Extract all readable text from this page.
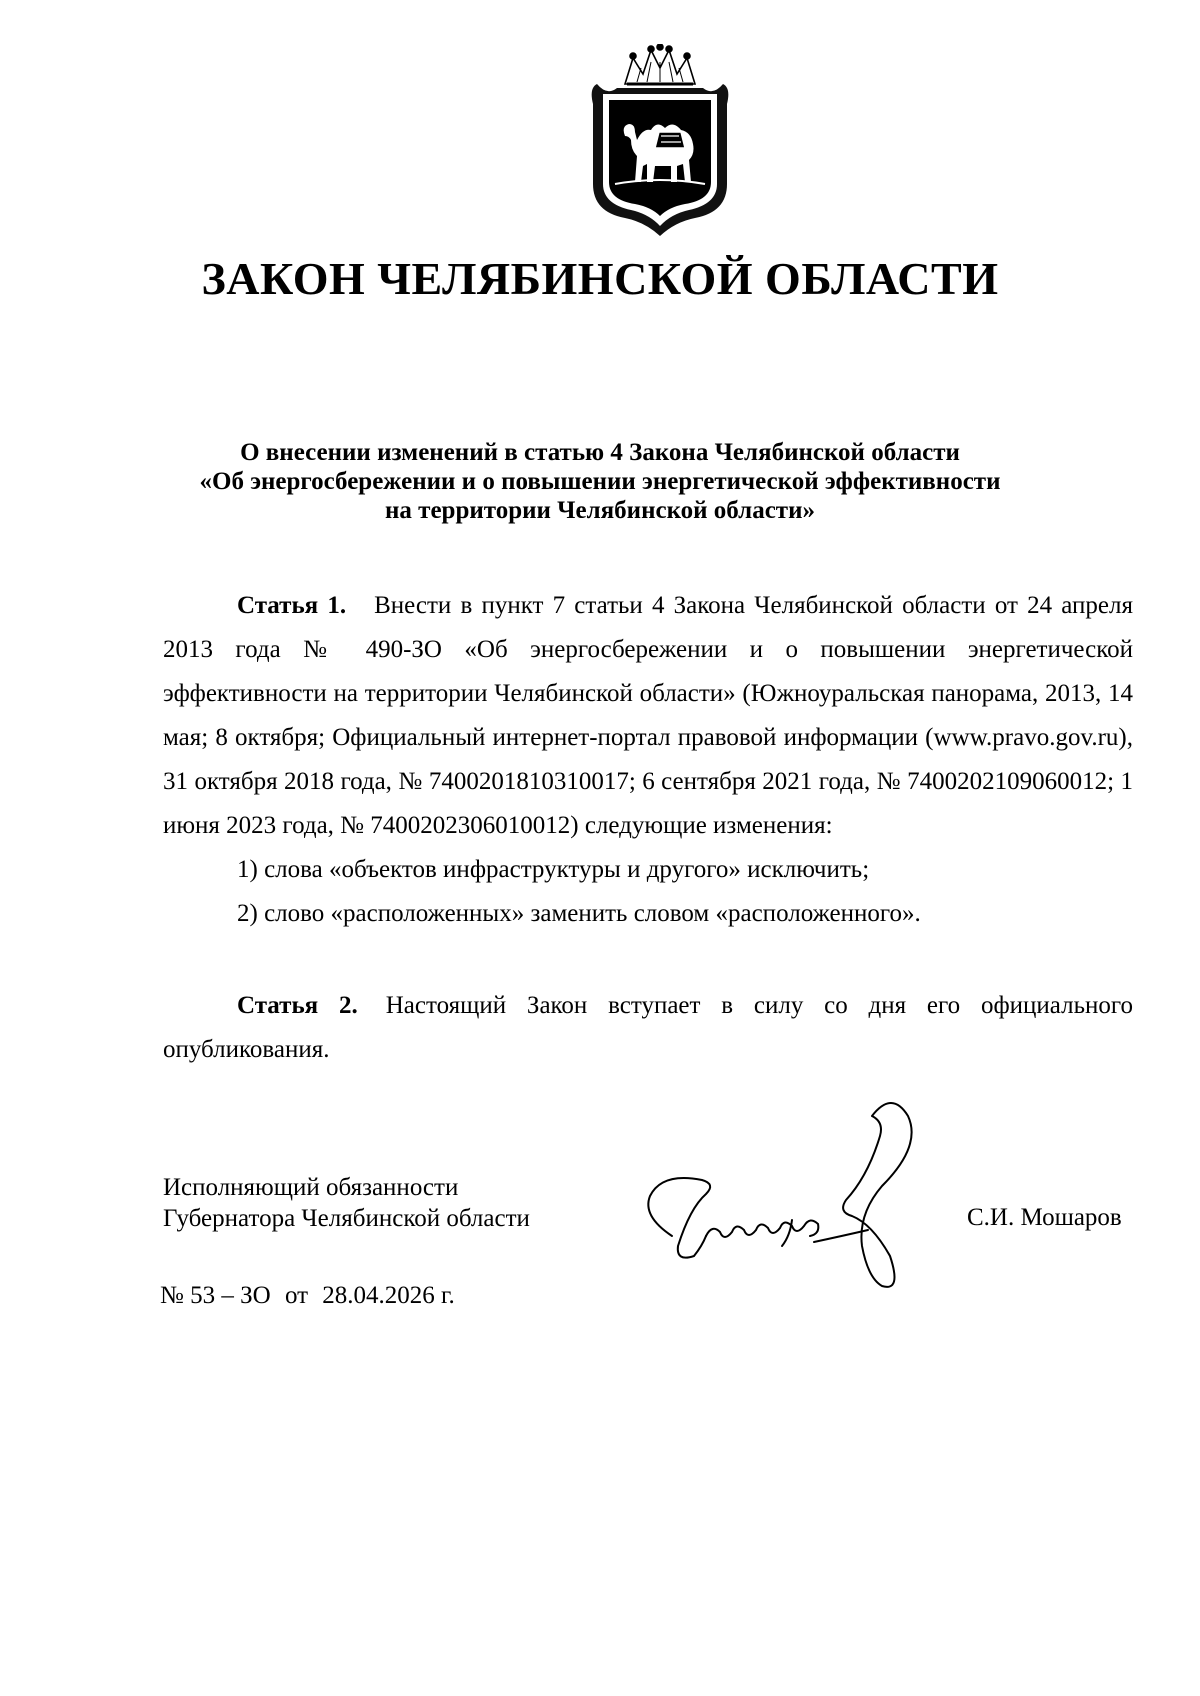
ЗАКОН ЧЕЛЯБИНСКОЙ ОБЛАСТИ
О внесении изменений в статью 4 Закона Челябинской области
«Об энергосбережении и о повышении энергетической эффективности
на территории Челябинской области»

Статья 1. Внести в пункт 7 статьи 4 Закона Челябинской области от 24 апреля 2013 года № 490-ЗО «Об энергосбережении и о повышении энергетической эффективности на территории Челябинской области» (Южноуральская панорама, 2013, 14 мая; 8 октября; Официальный интернет-портал правовой информации (www.pravo.gov.ru), 31 октября 2018 года, № 7400201810310017; 6 сентября 2021 года, № 7400202109060012; 1 июня 2023 года, № 7400202306010012) следующие изменения:

1) слова «объектов инфраструктуры и другого» исключить;

2) слово «расположенных» заменить словом «расположенного».

Статья 2. Настоящий Закон вступает в силу со дня его официального опубликования.

Исполняющий обязанности
Губернатора Челябинской области	С.И. Мошаров
№ 53 – ЗО от 28.04.2026 г.
